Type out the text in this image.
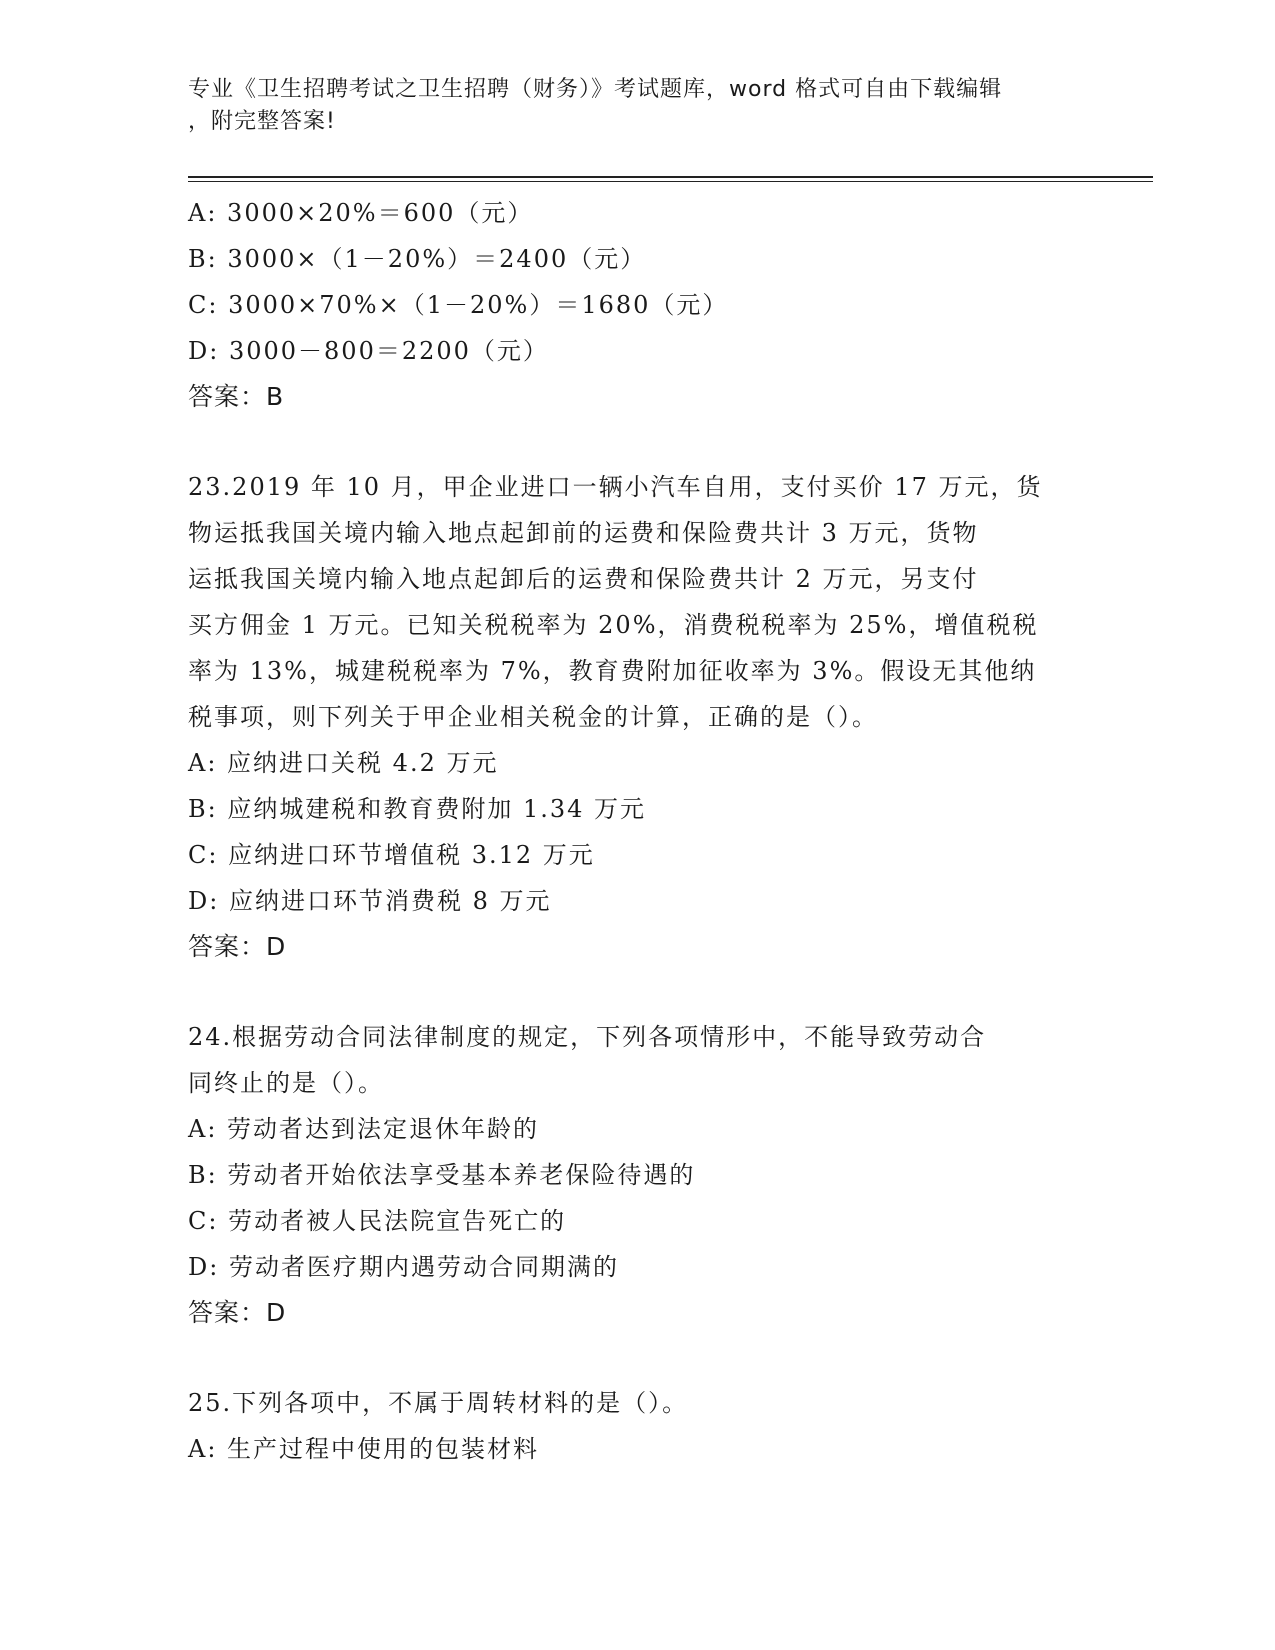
专业《卫生招聘考试之卫生招聘（财务）》考试题库，word 格式可自由下载编辑
，附完整答案!
A: 3000×20%＝600（元）
B: 3000×（1－20%）＝2400（元）
C: 3000×70%×（1－20%）＝1680（元）
D: 3000－800＝2200（元）
答案：B
23.2019 年 10 月，甲企业进口一辆小汽车自用，支付买价 17 万元，货
物运抵我国关境内输入地点起卸前的运费和保险费共计 3 万元，货物
运抵我国关境内输入地点起卸后的运费和保险费共计 2 万元，另支付
买方佣金 1 万元。已知关税税率为 20%，消费税税率为 25%，增值税税
率为 13%，城建税税率为 7%，教育费附加征收率为 3%。假设无其他纳
税事项，则下列关于甲企业相关税金的计算，正确的是（）。
A: 应纳进口关税 4.2 万元
B: 应纳城建税和教育费附加 1.34 万元
C: 应纳进口环节增值税 3.12 万元
D: 应纳进口环节消费税 8 万元
答案：D
24.根据劳动合同法律制度的规定，下列各项情形中，不能导致劳动合
同终止的是（）。
A: 劳动者达到法定退休年龄的
B: 劳动者开始依法享受基本养老保险待遇的
C: 劳动者被人民法院宣告死亡的
D: 劳动者医疗期内遇劳动合同期满的
答案：D
25.下列各项中，不属于周转材料的是（）。
A: 生产过程中使用的包装材料
